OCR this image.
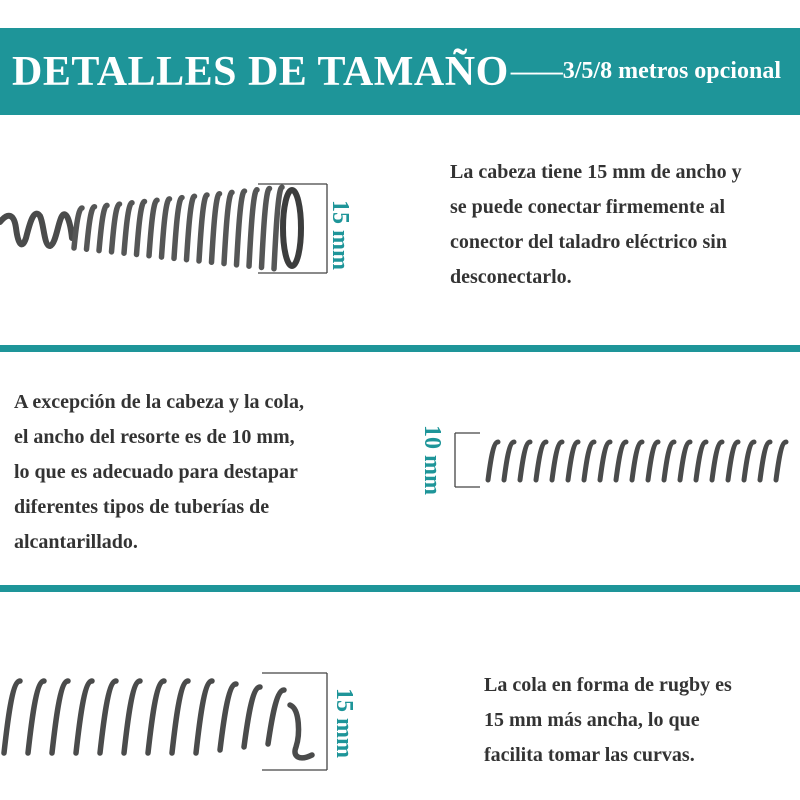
DETALLES DE TAMAÑO —— 3/5/8 metros opcional
15 mm
La cabeza tiene 15 mm de ancho y
se puede conectar firmemente al
conector del taladro eléctrico sin
desconectarlo.
A excepción de la cabeza y la cola,
el ancho del resorte es de 10 mm,
lo que es adecuado para destapar
diferentes tipos de tuberías de
alcantarillado.
10 mm
15 mm
La cola en forma de rugby es
15 mm más ancha, lo que
facilita tomar las curvas.
